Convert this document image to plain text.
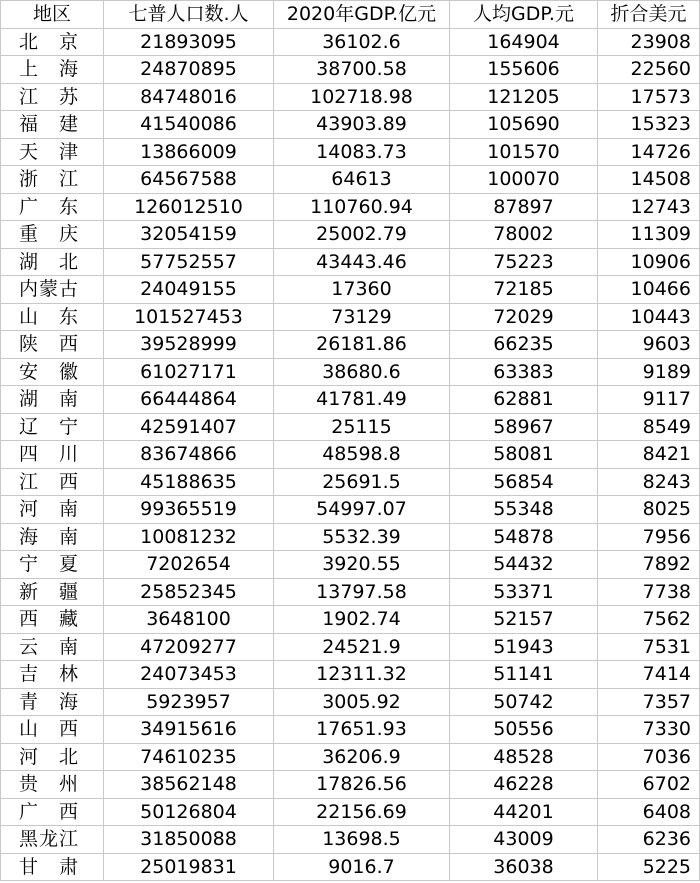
地区	七普人口数.人	2020年GDP.亿元	人均GDP.元	折合美元
北　京	21893095	36102.6	164904	23908
上　海	24870895	38700.58	155606	22560
江　苏	84748016	102718.98	121205	17573
福　建	41540086	43903.89	105690	15323
天　津	13866009	14083.73	101570	14726
浙　江	64567588	64613	100070	14508
广　东	126012510	110760.94	87897	12743
重　庆	32054159	25002.79	78002	11309
湖　北	57752557	43443.46	75223	10906
内蒙古	24049155	17360	72185	10466
山　东	101527453	73129	72029	10443
陕　西	39528999	26181.86	66235	9603
安　徽	61027171	38680.6	63383	9189
湖　南	66444864	41781.49	62881	9117
辽　宁	42591407	25115	58967	8549
四　川	83674866	48598.8	58081	8421
江　西	45188635	25691.5	56854	8243
河　南	99365519	54997.07	55348	8025
海　南	10081232	5532.39	54878	7956
宁　夏	7202654	3920.55	54432	7892
新　疆	25852345	13797.58	53371	7738
西　藏	3648100	1902.74	52157	7562
云　南	47209277	24521.9	51943	7531
吉　林	24073453	12311.32	51141	7414
青　海	5923957	3005.92	50742	7357
山　西	34915616	17651.93	50556	7330
河　北	74610235	36206.9	48528	7036
贵　州	38562148	17826.56	46228	6702
广　西	50126804	22156.69	44201	6408
黑龙江	31850088	13698.5	43009	6236
甘　肃	25019831	9016.7	36038	5225
